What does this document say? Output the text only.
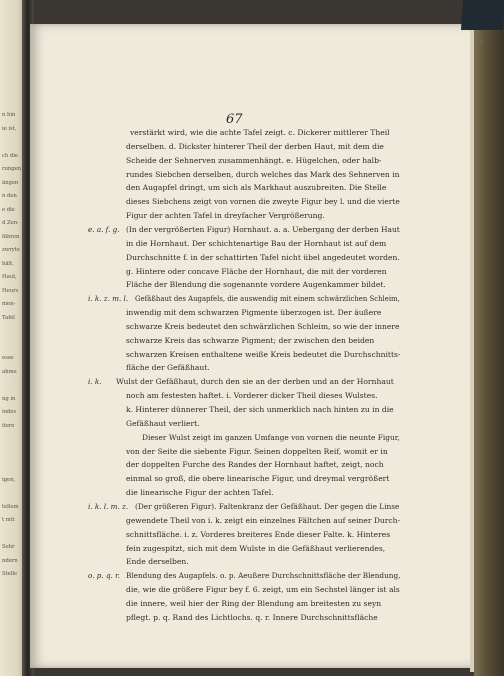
n hin
ie ist,
ch die
rungen
ängen
n den
e die
d Zen-
fähren
zwryte
hält.
Haut,
Heurs
men-
Tafel
esse
ahme
ng in
indes
itere
igen,
tellem
t mit
Sehr
ndern
Stelle
73
67
verstärkt wird, wie die achte Tafel zeigt. c. Dickerer mittlerer Theil
derselben. d. Dickster hinterer Theil der derben Haut, mit dem die
Scheide der Sehnerven zusammenhängt. e. Hügelchen, oder halb-
rundes Siebchen derselben, durch welches das Mark des Sehnerven in
den Augapfel dringt, um sich als Markhaut auszubreiten. Die Stelle
dieses Siebchens zeigt von vornen die zweyte Figur bey l. und die vierte
Figur der achten Tafel in dreyfacher Vergrößerung.
e. a. f. g. (In der vergrößerten Figur) Hornhaut. a. a. Uebergang der derben Haut
in die Hornhaut. Der schichtenartige Bau der Hornhaut ist auf dem
Durchschnitte f. in der schattirten Tafel nicht übel angedeutet worden.
g. Hintere oder concave Fläche der Hornhaut, die mit der vorderen
Fläche der Blendung die sogenannte vordere Augenkammer bildet.
i. k. z. m. l. Gefäßhaut des Augapfels, die auswendig mit einem schwärzlichen Schleim,
inwendig mit dem schwarzen Pigmente überzogen ist. Der äußere
schwarze Kreis bedeutet den schwärzlichen Schleim, so wie der innere
schwarze Kreis das schwarze Pigment; der zwischen den beiden
schwarzen Kreisen enthaltene weiße Kreis bedeutet die Durchschnitts-
fläche der Gefäßhaut.
i. k. Wulst der Gefäßhaut, durch den sie an der derben und an der Hornhaut
noch am festesten haftet. i. Vorderer dicker Theil dieses Wulstes.
k. Hinterer dünnerer Theil, der sich unmerklich nach hinten zu in die
Gefäßhaut verliert.
Dieser Wulst zeigt im ganzen Umfange von vornen die neunte Figur,
von der Seite die siebente Figur. Seinen doppelten Reif, womit er in
der doppelten Furche des Randes der Hornhaut haftet, zeigt, noch
einmal so groß, die obere linearische Figur, und dreymal vergrößert
die linearische Figur der achten Tafel.
i. k. l. m. z. (Der größeren Figur). Faltenkranz der Gefäßhaut. Der gegen die Linse
gewendete Theil von i. k. zeigt ein einzelnes Fältchen auf seiner Durch-
schnittsfläche. i. z. Vorderes breiteres Ende dieser Falte. k. Hinteres
fein zugespitzt, sich mit dem Wulste in die Gefäßhaut verlierendes,
Ende derselben.
o. p. q. r. Blendung des Augapfels. o. p. Aeußere Durchschnittsfläche der Blendung,
die, wie die größere Figur bey f. 6. zeigt, um ein Sechstel länger ist als
die innere, weil hier der Ring der Blendung am breitesten zu seyn
pflegt. p. q. Rand des Lichtlochs. q. r. Innere Durchschnittsfläche
